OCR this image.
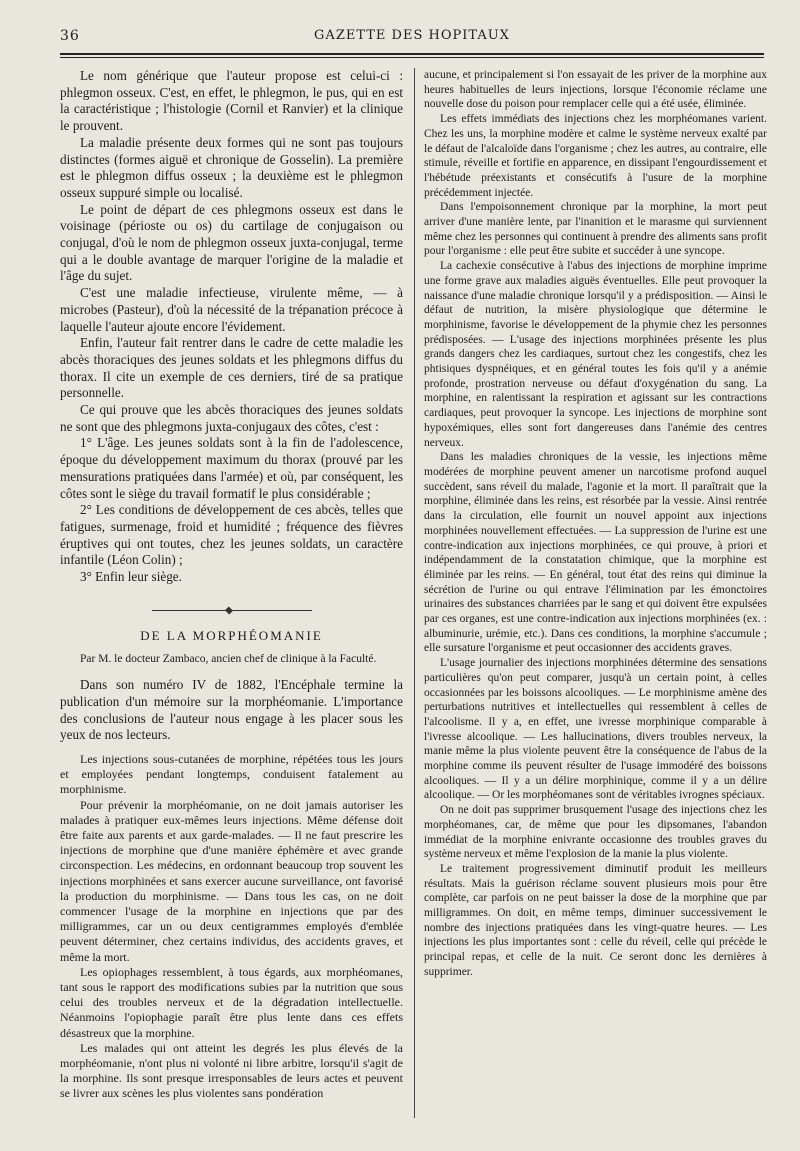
36	GAZETTE DES HOPITAUX

Le nom générique que l'auteur propose est celui-ci : phlegmon osseux. C'est, en effet, le phlegmon, le pus, qui en est la caractéristique ; l'histologie (Cornil et Ranvier) et la clinique le prouvent.

La maladie présente deux formes qui ne sont pas toujours distinctes (formes aiguë et chronique de Gosselin). La première est le phlegmon diffus osseux ; la deuxième est le phlegmon osseux suppuré simple ou localisé.

Le point de départ de ces phlegmons osseux est dans le voisinage (périoste ou os) du cartilage de conjugaison ou conjugal, d'où le nom de phlegmon osseux juxta-conjugal, terme qui a le double avantage de marquer l'origine de la maladie et l'âge du sujet.

C'est une maladie infectieuse, virulente même, — à microbes (Pasteur), d'où la nécessité de la trépanation précoce à laquelle l'auteur ajoute encore l'évidement.

Enfin, l'auteur fait rentrer dans le cadre de cette maladie les abcès thoraciques des jeunes soldats et les phlegmons diffus du thorax. Il cite un exemple de ces derniers, tiré de sa pratique personnelle.

Ce qui prouve que les abcès thoraciques des jeunes soldats ne sont que des phlegmons juxta-conjugaux des côtes, c'est :

1° L'âge. Les jeunes soldats sont à la fin de l'adolescence, époque du développement maximum du thorax (prouvé par les mensurations pratiquées dans l'armée) et où, par conséquent, les côtes sont le siège du travail formatif le plus considérable ;

2° Les conditions de développement de ces abcès, telles que fatigues, surmenage, froid et humidité ; fréquence des fièvres éruptives qui ont toutes, chez les jeunes soldats, un caractère infantile (Léon Colin) ;

3° Enfin leur siège.

DE LA MORPHÉOMANIE

Par M. le docteur Zambaco, ancien chef de clinique à la Faculté.

Dans son numéro IV de 1882, l'Encéphale termine la publication d'un mémoire sur la morphéomanie. L'importance des conclusions de l'auteur nous engage à les placer sous les yeux de nos lecteurs.

Les injections sous-cutanées de morphine, répétées tous les jours et employées pendant longtemps, conduisent fatalement au morphinisme.

Pour prévenir la morphéomanie, on ne doit jamais autoriser les malades à pratiquer eux-mêmes leurs injections. Même défense doit être faite aux parents et aux garde-malades. — Il ne faut prescrire les injections de morphine que d'une manière éphémère et avec grande circonspection. Les médecins, en ordonnant beaucoup trop souvent les injections morphinées et sans exercer aucune surveillance, ont favorisé la production du morphinisme. — Dans tous les cas, on ne doit commencer l'usage de la morphine en injections que par des milligrammes, car un ou deux centigrammes employés d'emblée peuvent déterminer, chez certains individus, des accidents graves, et même la mort.

Les opiophages ressemblent, à tous égards, aux morphéomanes, tant sous le rapport des modifications subies par la nutrition que sous celui des troubles nerveux et de la dégradation intellectuelle. Néanmoins l'opiophagie paraît être plus lente dans ces effets désastreux que la morphine.

Les malades qui ont atteint les degrés les plus élevés de la morphéomanie, n'ont plus ni volonté ni libre arbitre, lorsqu'il s'agit de la morphine. Ils sont presque irresponsables de leurs actes et peuvent se livrer aux scènes les plus violentes sans pondération

aucune, et principalement si l'on essayait de les priver de la morphine aux heures habituelles de leurs injections, lorsque l'économie réclame une nouvelle dose du poison pour remplacer celle qui a été usée, éliminée.

Les effets immédiats des injections chez les morphéomanes varient. Chez les uns, la morphine modère et calme le système nerveux exalté par le défaut de l'alcaloïde dans l'organisme ; chez les autres, au contraire, elle stimule, réveille et fortifie en apparence, en dissipant l'engourdissement et l'hébétude préexistants et consécutifs à l'usure de la morphine précédemment injectée.

Dans l'empoisonnement chronique par la morphine, la mort peut arriver d'une manière lente, par l'inanition et le marasme qui surviennent même chez les personnes qui continuent à prendre des aliments sans profit pour l'organisme : elle peut être subite et succéder à une syncope.

La cachexie consécutive à l'abus des injections de morphine imprime une forme grave aux maladies aiguës éventuelles. Elle peut provoquer la naissance d'une maladie chronique lorsqu'il y a prédisposition. — Ainsi le défaut de nutrition, la misère physiologique que détermine le morphinisme, favorise le développement de la phymie chez les personnes prédisposées. — L'usage des injections morphinées présente les plus grands dangers chez les cardiaques, surtout chez les congestifs, chez les phtisiques dyspnéiques, et en général toutes les fois qu'il y a anémie profonde, prostration nerveuse ou défaut d'oxygénation du sang. La morphine, en ralentissant la respiration et agissant sur les contractions cardiaques, peut provoquer la syncope. Les injections de morphine sont hypoxémiques, elles sont fort dangereuses dans l'anémie des centres nerveux.

Dans les maladies chroniques de la vessie, les injections même modérées de morphine peuvent amener un narcotisme profond auquel succèdent, sans réveil du malade, l'agonie et la mort. Il paraîtrait que la morphine, éliminée dans les reins, est résorbée par la vessie. Ainsi rentrée dans la circulation, elle fournit un nouvel appoint aux injections morphinées nouvellement effectuées. — La suppression de l'urine est une contre-indication aux injections morphinées, ce qui prouve, à priori et indépendamment de la constatation chimique, que la morphine est éliminée par les reins. — En général, tout état des reins qui diminue la sécrétion de l'urine ou qui entrave l'élimination par les émonctoires urinaires des substances charriées par le sang et qui doivent être expulsées par ces organes, est une contre-indication aux injections morphinées (ex. : albuminurie, urémie, etc.). Dans ces conditions, la morphine s'accumule ; elle sursature l'organisme et peut occasionner des accidents graves.

L'usage journalier des injections morphinées détermine des sensations particulières qu'on peut comparer, jusqu'à un certain point, à celles occasionnées par les boissons alcooliques. — Le morphinisme amène des perturbations nutritives et intellectuelles qui ressemblent à celles de l'alcoolisme. Il y a, en effet, une ivresse morphinique comparable à l'ivresse alcoolique. — Les hallucinations, divers troubles nerveux, la manie même la plus violente peuvent être la conséquence de l'abus de la morphine comme ils peuvent résulter de l'usage immodéré des boissons alcooliques. — Il y a un délire morphinique, comme il y a un délire alcoolique. — Or les morphéomanes sont de véritables ivrognes spéciaux.

On ne doit pas supprimer brusquement l'usage des injections chez les morphéomanes, car, de même que pour les dipsomanes, l'abandon immédiat de la morphine enivrante occasionne des troubles graves du système nerveux et même l'explosion de la manie la plus violente.

Le traitement progressivement diminutif produit les meilleurs résultats. Mais la guérison réclame souvent plusieurs mois pour être complète, car parfois on ne peut baisser la dose de la morphine que par milligrammes. On doit, en même temps, diminuer successivement le nombre des injections pratiquées dans les vingt-quatre heures. — Les injections les plus importantes sont : celle du réveil, celle qui précède le principal repas, et celle de la nuit. Ce seront donc les dernières à supprimer.
